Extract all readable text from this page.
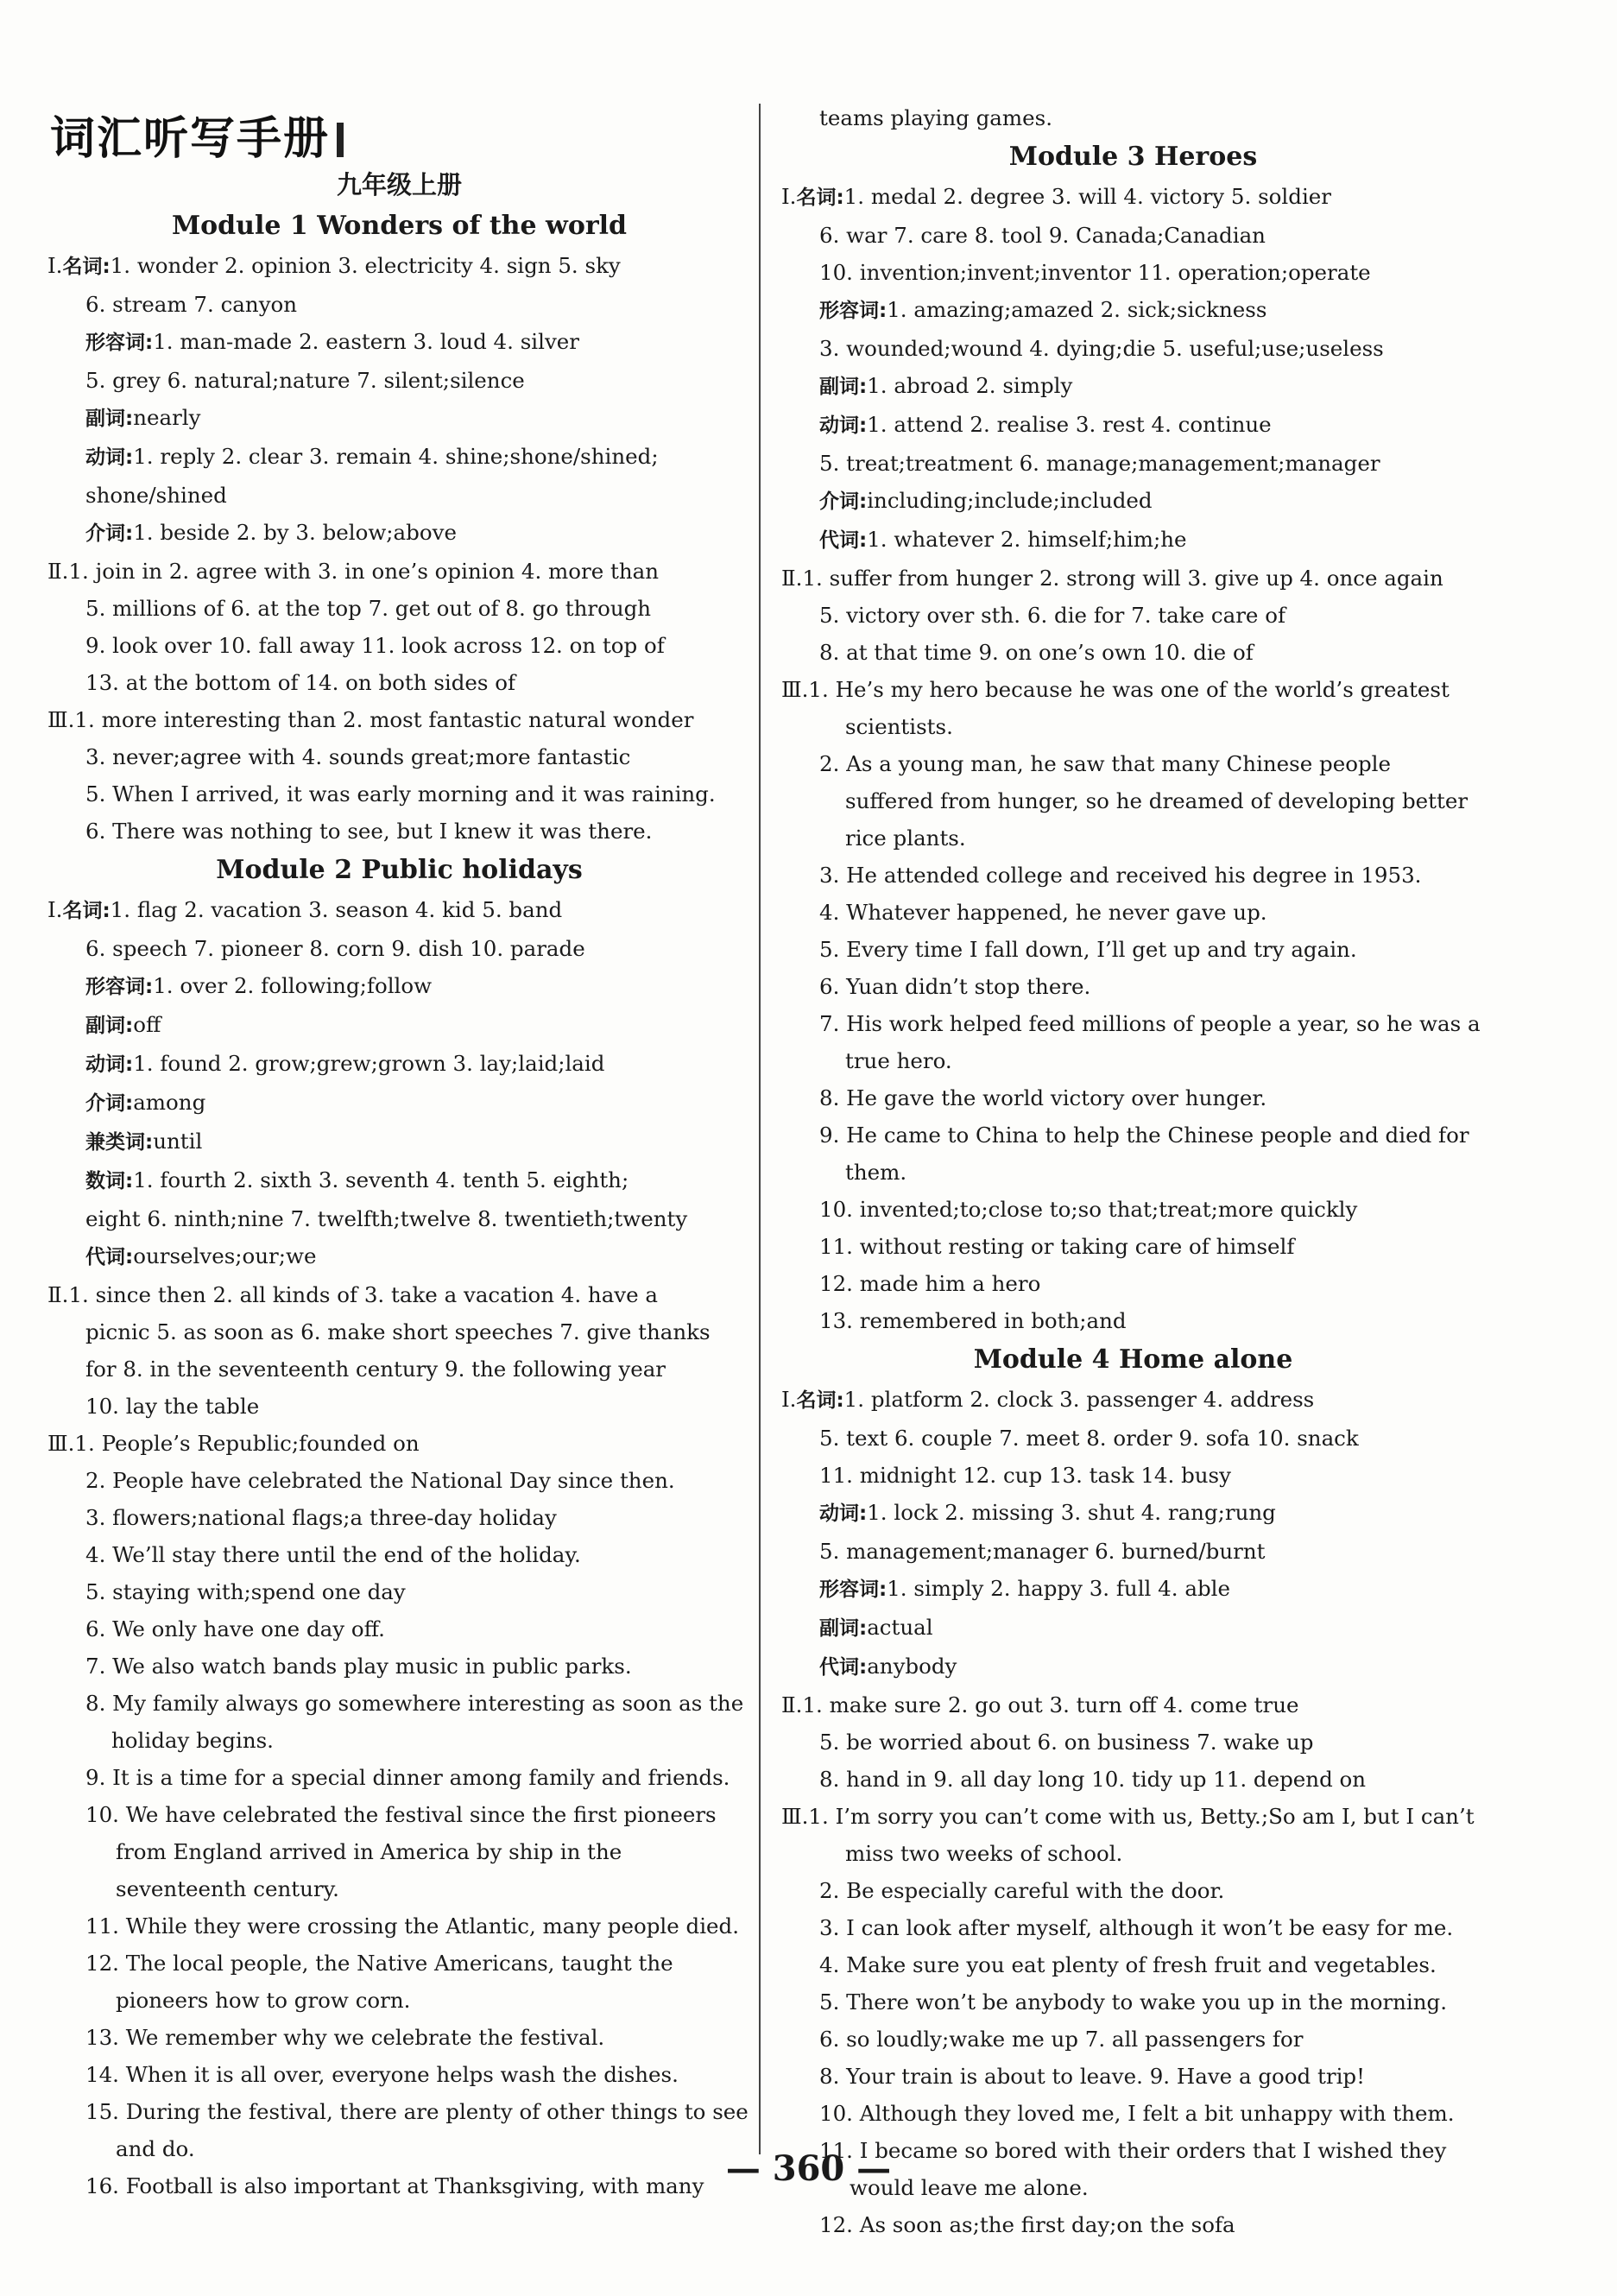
词汇听写手册
九年级上册
Module 1 Wonders of the world
Ⅰ.名词:1. wonder 2. opinion 3. electricity 4. sign 5. sky
6. stream 7. canyon
形容词:1. man-made 2. eastern 3. loud 4. silver
5. grey 6. natural;nature 7. silent;silence
副词:nearly
动词:1. reply 2. clear 3. remain 4. shine;shone/shined;
shone/shined
介词:1. beside 2. by 3. below;above
Ⅱ.1. join in 2. agree with 3. in one’s opinion 4. more than
5. millions of 6. at the top 7. get out of 8. go through
9. look over 10. fall away 11. look across 12. on top of
13. at the bottom of 14. on both sides of
Ⅲ.1. more interesting than 2. most fantastic natural wonder
3. never;agree with 4. sounds great;more fantastic
5. When I arrived, it was early morning and it was raining.
6. There was nothing to see, but I knew it was there.
Module 2 Public holidays
Ⅰ.名词:1. flag 2. vacation 3. season 4. kid 5. band
6. speech 7. pioneer 8. corn 9. dish 10. parade
形容词:1. over 2. following;follow
副词:off
动词:1. found 2. grow;grew;grown 3. lay;laid;laid
介词:among
兼类词:until
数词:1. fourth 2. sixth 3. seventh 4. tenth 5. eighth;
eight 6. ninth;nine 7. twelfth;twelve 8. twentieth;twenty
代词:ourselves;our;we
Ⅱ.1. since then 2. all kinds of 3. take a vacation 4. have a
picnic 5. as soon as 6. make short speeches 7. give thanks
for 8. in the seventeenth century 9. the following year
10. lay the table
Ⅲ.1. People’s Republic;founded on
2. People have celebrated the National Day since then.
3. flowers;national flags;a three-day holiday
4. We’ll stay there until the end of the holiday.
5. staying with;spend one day
6. We only have one day off.
7. We also watch bands play music in public parks.
8. My family always go somewhere interesting as soon as the holiday begins.
9. It is a time for a special dinner among family and friends.
10. We have celebrated the festival since the first pioneers from England arrived in America by ship in the seventeenth century.
11. While they were crossing the Atlantic, many people died.
12. The local people, the Native Americans, taught the pioneers how to grow corn.
13. We remember why we celebrate the festival.
14. When it is all over, everyone helps wash the dishes.
15. During the festival, there are plenty of other things to see and do.
16. Football is also important at Thanksgiving, with many
teams playing games.
Module 3 Heroes
Ⅰ.名词:1. medal 2. degree 3. will 4. victory 5. soldier
6. war 7. care 8. tool 9. Canada;Canadian
10. invention;invent;inventor 11. operation;operate
形容词:1. amazing;amazed 2. sick;sickness
3. wounded;wound 4. dying;die 5. useful;use;useless
副词:1. abroad 2. simply
动词:1. attend 2. realise 3. rest 4. continue
5. treat;treatment 6. manage;management;manager
介词:including;include;included
代词:1. whatever 2. himself;him;he
Ⅱ.1. suffer from hunger 2. strong will 3. give up 4. once again
5. victory over sth. 6. die for 7. take care of
8. at that time 9. on one’s own 10. die of
Ⅲ.1. He’s my hero because he was one of the world’s greatest scientists.
2. As a young man, he saw that many Chinese people suffered from hunger, so he dreamed of developing better rice plants.
3. He attended college and received his degree in 1953.
4. Whatever happened, he never gave up.
5. Every time I fall down, I’ll get up and try again.
6. Yuan didn’t stop there.
7. His work helped feed millions of people a year, so he was a true hero.
8. He gave the world victory over hunger.
9. He came to China to help the Chinese people and died for them.
10. invented;to;close to;so that;treat;more quickly
11. without resting or taking care of himself
12. made him a hero
13. remembered in both;and
Module 4 Home alone
Ⅰ.名词:1. platform 2. clock 3. passenger 4. address
5. text 6. couple 7. meet 8. order 9. sofa 10. snack
11. midnight 12. cup 13. task 14. busy
动词:1. lock 2. missing 3. shut 4. rang;rung
5. management;manager 6. burned/burnt
形容词:1. simply 2. happy 3. full 4. able
副词:actual
代词:anybody
Ⅱ.1. make sure 2. go out 3. turn off 4. come true
5. be worried about 6. on business 7. wake up
8. hand in 9. all day long 10. tidy up 11. depend on
Ⅲ.1. I’m sorry you can’t come with us, Betty.;So am I, but I can’t miss two weeks of school.
2. Be especially careful with the door.
3. I can look after myself, although it won’t be easy for me.
4. Make sure you eat plenty of fresh fruit and vegetables.
5. There won’t be anybody to wake you up in the morning.
6. so loudly;wake me up 7. all passengers for
8. Your train is about to leave. 9. Have a good trip!
10. Although they loved me, I felt a bit unhappy with them.
11. I became so bored with their orders that I wished they would leave me alone.
12. As soon as;the first day;on the sofa
— 360 —
